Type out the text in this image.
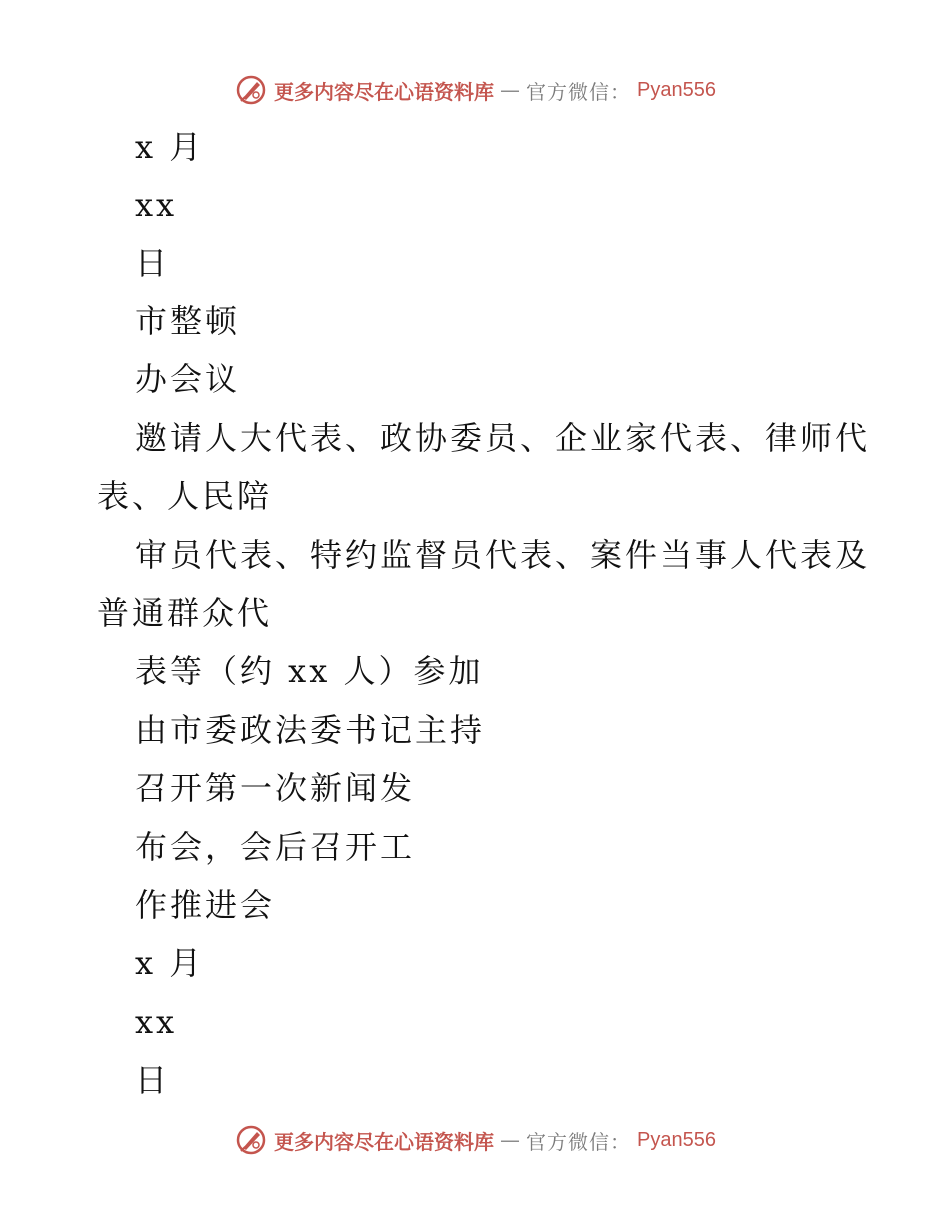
更多内容尽在心语资料库 — 官方微信： Pyan556
x 月
xx
日
市整顿
办会议
邀请人大代表、政协委员、企业家代表、律师代
表、人民陪
审员代表、特约监督员代表、案件当事人代表及
普通群众代
表等（约 xx 人）参加
由市委政法委书记主持
召开第一次新闻发
布会，会后召开工
作推进会
x 月
xx
日
更多内容尽在心语资料库 — 官方微信： Pyan556
